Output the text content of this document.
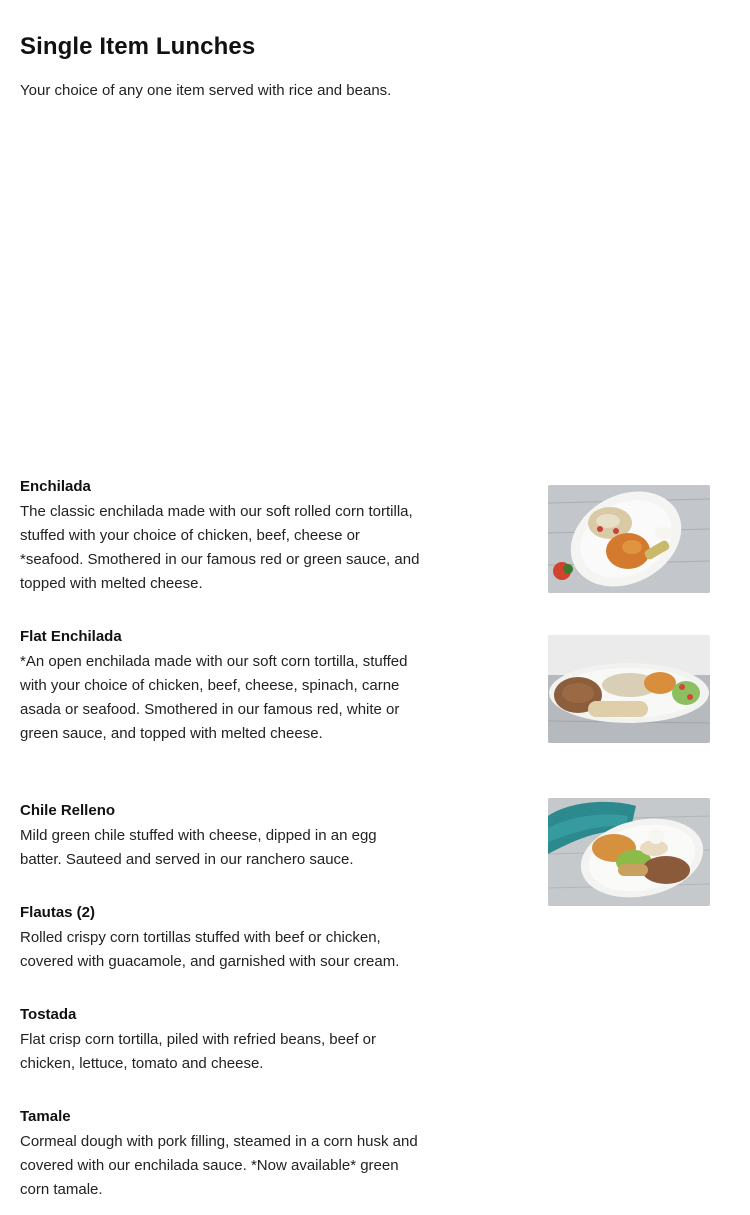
Single Item Lunches

Your choice of any one item served with rice and beans.

Enchilada
The classic enchilada made with our soft rolled corn tortilla, stuffed with your choice of chicken, beef, cheese or *seafood. Smothered in our famous red or green sauce, and topped with melted cheese.
Flat Enchilada
*An open enchilada made with our soft corn tortilla, stuffed with your choice of chicken, beef, cheese, spinach, carne asada or seafood. Smothered in our famous red, white or green sauce, and topped with melted cheese.
Chile Relleno
Mild green chile stuffed with cheese, dipped in an egg batter. Sauteed and served in our ranchero sauce.
Flautas (2)
Rolled crispy corn tortillas stuffed with beef or chicken, covered with guacamole, and garnished with sour cream.
Tostada
Flat crisp corn tortilla, piled with refried beans, beef or chicken, lettuce, tomato and cheese.
Tamale
Cormeal dough with pork filling, steamed in a corn husk and covered with our enchilada sauce. *Now available* green corn tamale.
